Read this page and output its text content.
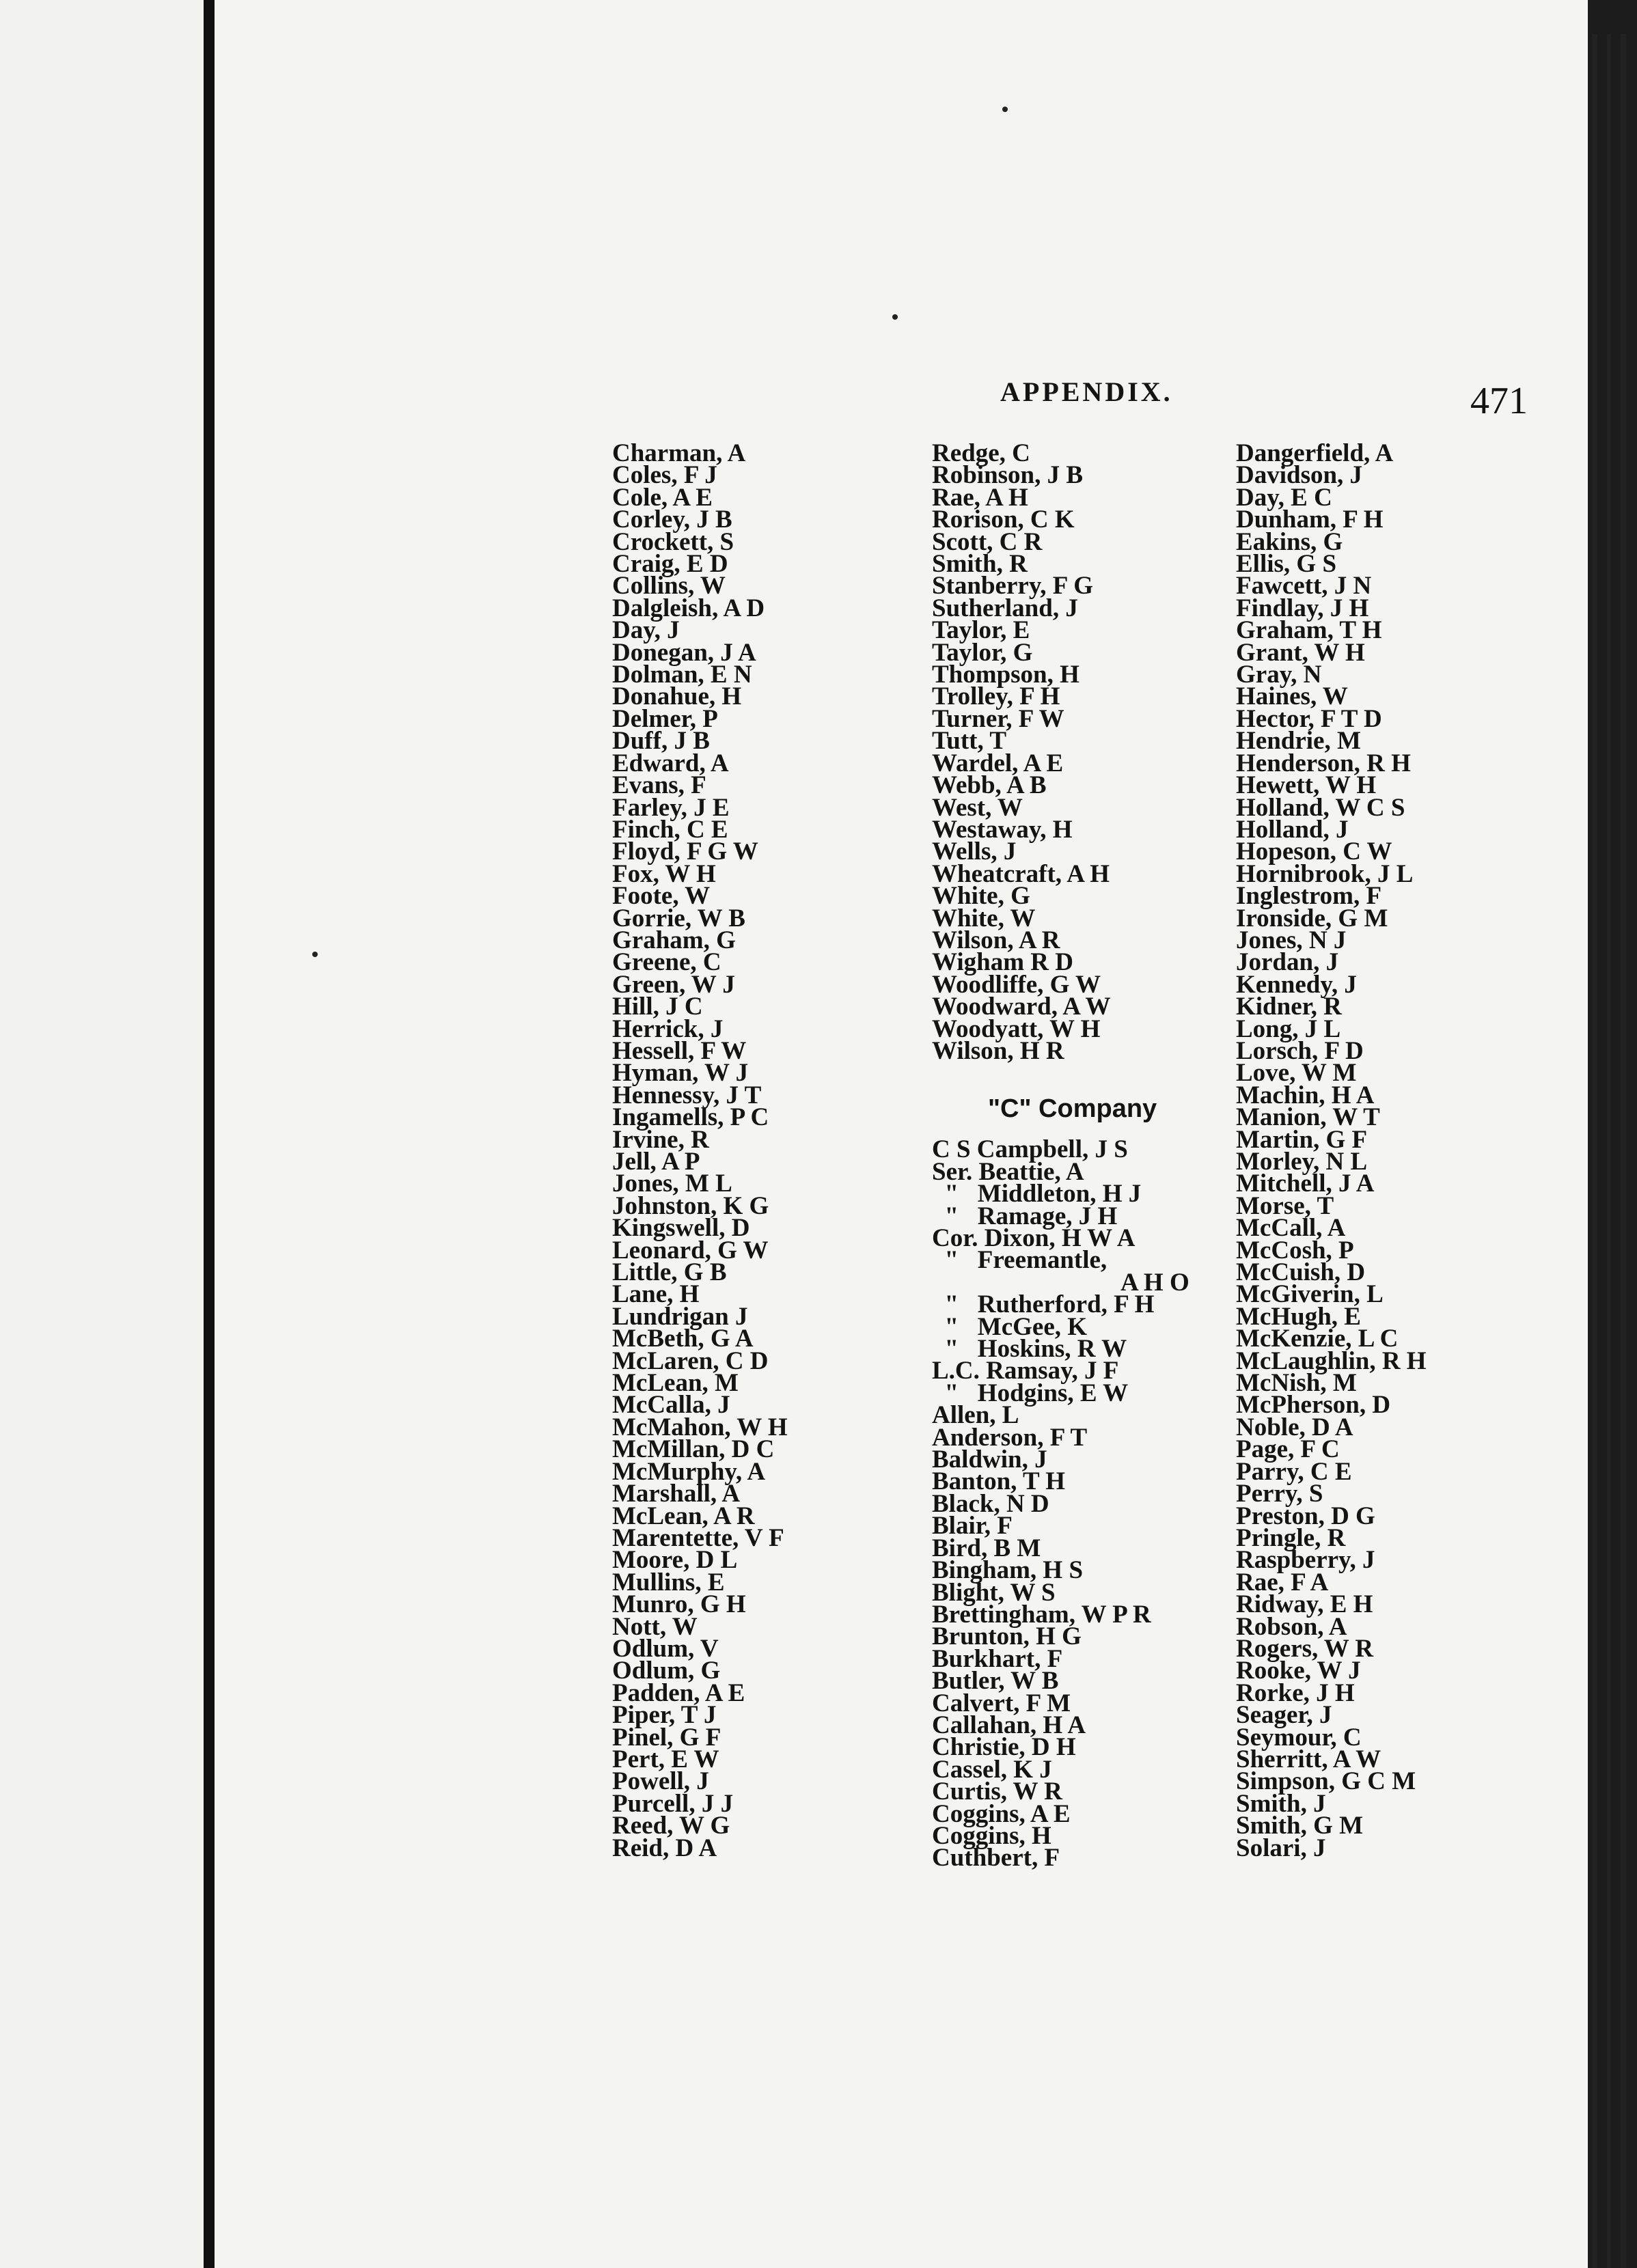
APPENDIX.	471
Charman, A
Coles, F J
Cole, A E
Corley, J B
Crockett, S
Craig, E D
Collins, W
Dalgleish, A D
Day, J
Donegan, J A
Dolman, E N
Donahue, H
Delmer, P
Duff, J B
Edward, A
Evans, F
Farley, J E
Finch, C E
Floyd, F G W
Fox, W H
Foote, W
Gorrie, W B
Graham, G
Greene, C
Green, W J
Hill, J C
Herrick, J
Hessell, F W
Hyman, W J
Hennessy, J T
Ingamells, P C
Irvine, R
Jell, A P
Jones, M L
Johnston, K G
Kingswell, D
Leonard, G W
Little, G B
Lane, H
Lundrigan J
McBeth, G A
McLaren, C D
McLean, M
McCalla, J
McMahon, W H
McMillan, D C
McMurphy, A
Marshall, A
McLean, A R
Marentette, V F
Moore, D L
Mullins, E
Munro, G H
Nott, W
Odlum, V
Odlum, G
Padden, A E
Piper, T J
Pinel, G F
Pert, E W
Powell, J
Purcell, J J
Reed, W G
Reid, D A
Redge, C
Robinson, J B
Rae, A H
Rorison, C K
Scott, C R
Smith, R
Stanberry, F G
Sutherland, J
Taylor, E
Taylor, G
Thompson, H
Trolley, F H
Turner, F W
Tutt, T
Wardel, A E
Webb, A B
West, W
Westaway, H
Wells, J
Wheatcraft, A H
White, G
White, W
Wilson, A R
Wigham R D
Woodliffe, G W
Woodward, A W
Woodyatt, W H
Wilson, H R
"C" Company
C S Campbell, J S
Ser. Beattie, A
"   Middleton, H J
"   Ramage, J H
Cor. Dixon, H W A
"   Freemantle,
A H O
"   Rutherford, F H
"   McGee, K
"   Hoskins, R W
L.C. Ramsay, J F
"   Hodgins, E W
Allen, L
Anderson, F T
Baldwin, J
Banton, T H
Black, N D
Blair, F
Bird, B M
Bingham, H S
Blight, W S
Brettingham, W P R
Brunton, H G
Burkhart, F
Butler, W B
Calvert, F M
Callahan, H A
Christie, D H
Cassel, K J
Curtis, W R
Coggins, A E
Coggins, H
Cuthbert, F
Dangerfield, A
Davidson, J
Day, E C
Dunham, F H
Eakins, G
Ellis, G S
Fawcett, J N
Findlay, J H
Graham, T H
Grant, W H
Gray, N
Haines, W
Hector, F T D
Hendrie, M
Henderson, R H
Hewett, W H
Holland, W C S
Holland, J
Hopeson, C W
Hornibrook, J L
Inglestrom, F
Ironside, G M
Jones, N J
Jordan, J
Kennedy, J
Kidner, R
Long, J L
Lorsch, F D
Love, W M
Machin, H A
Manion, W T
Martin, G F
Morley, N L
Mitchell, J A
Morse, T
McCall, A
McCosh, P
McCuish, D
McGiverin, L
McHugh, E
McKenzie, L C
McLaughlin, R H
McNish, M
McPherson, D
Noble, D A
Page, F C
Parry, C E
Perry, S
Preston, D G
Pringle, R
Raspberry, J
Rae, F A
Ridway, E H
Robson, A
Rogers, W R
Rooke, W J
Rorke, J H
Seager, J
Seymour, C
Sherritt, A W
Simpson, G C M
Smith, J
Smith, G M
Solari, J
